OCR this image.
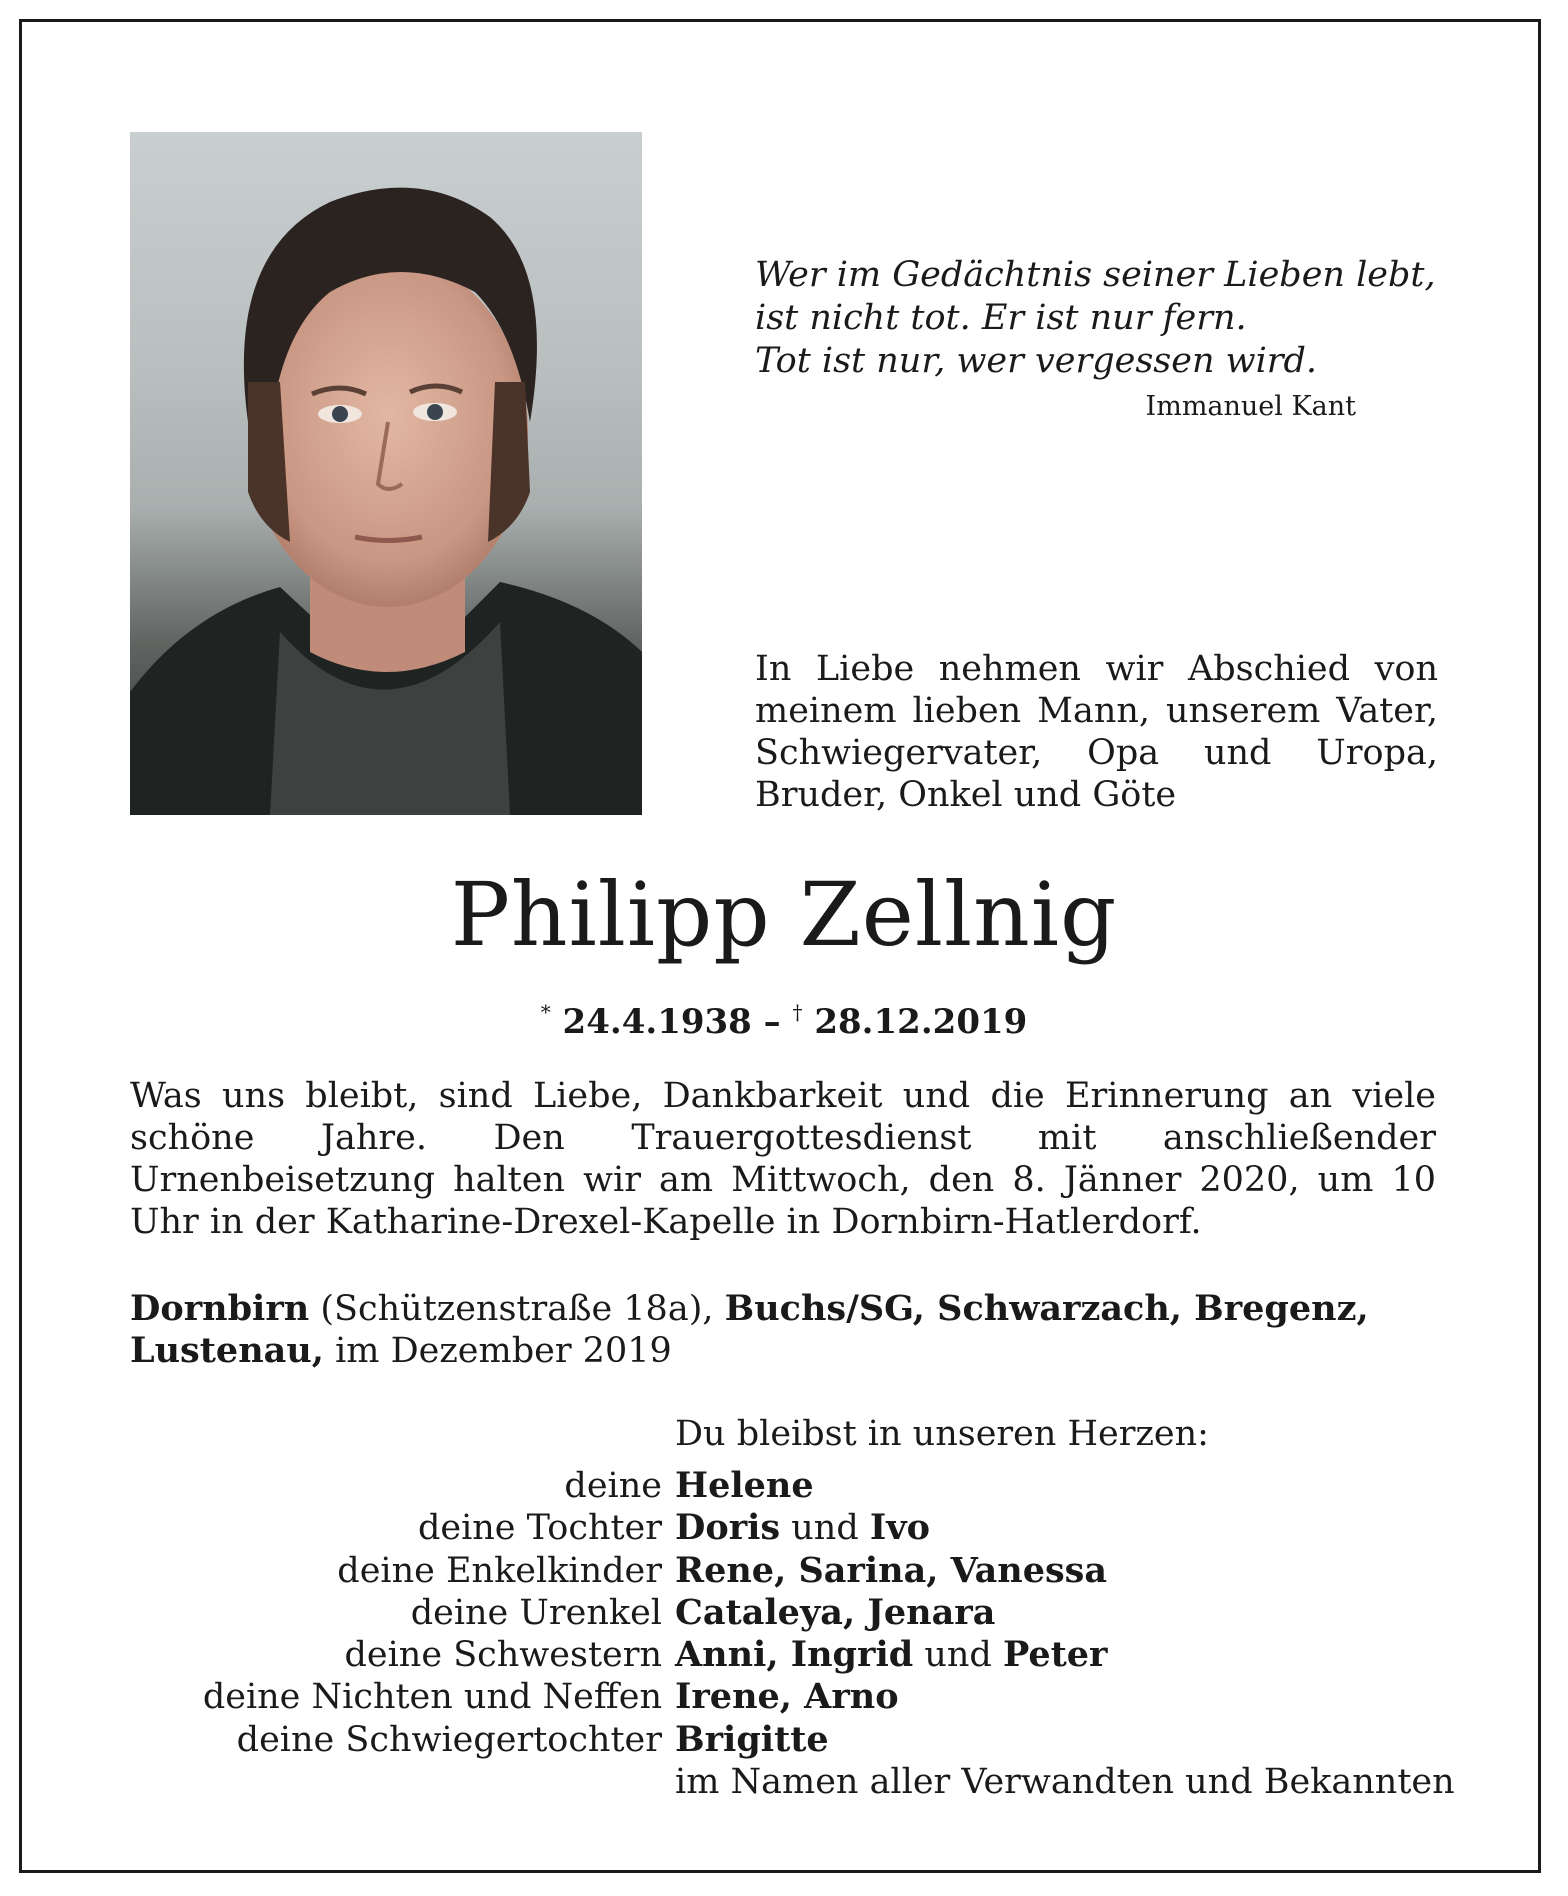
Wer im Gedächtnis seiner Lieben lebt,
ist nicht tot. Er ist nur fern.
Tot ist nur, wer vergessen wird.
Immanuel Kant
In Liebe nehmen wir Abschied von meinem lieben Mann, unserem Vater, Schwiegervater, Opa und Uropa, Bruder, Onkel und Göte
Philipp Zellnig
* 24.4.1938 – † 28.12.2019
Was uns bleibt, sind Liebe, Dankbarkeit und die Erinnerung an viele schöne Jahre. Den Trauergottesdienst mit anschließender Urnenbeisetzung halten wir am Mittwoch, den 8. Jänner 2020, um 10 Uhr in der Katharine-Drexel-Kapelle in Dornbirn-Hatlerdorf.
Dornbirn (Schützenstraße 18a), Buchs/SG, Schwarzach, Bregenz,
Lustenau, im Dezember 2019
Du bleibst in unseren Herzen:
deine Helene
deine Tochter Doris und Ivo
deine Enkelkinder Rene, Sarina, Vanessa
deine Urenkel Cataleya, Jenara
deine Schwestern Anni, Ingrid und Peter
deine Nichten und Neffen Irene, Arno
deine Schwiegertochter Brigitte
im Namen aller Verwandten und Bekannten
